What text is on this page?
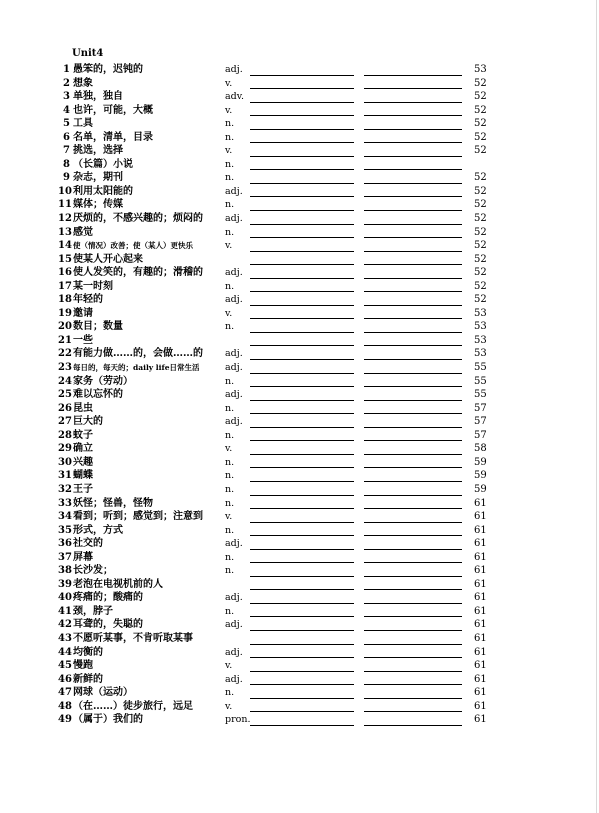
Unit4
1 愚笨的，迟钝的	adj.	53
2 想象	v.	52
3 单独，独自	adv.	52
4 也许，可能，大概	v.	52
5 工具	n.	52
6 名单，清单，目录	n.	52
7 挑选，选择	v.	52
8 （长篇）小说	n.
9 杂志，期刊	n.	52
10 利用太阳能的	adj.	52
11 媒体；传媒	n.	52
12 厌烦的，不感兴趣的；烦闷的 adj.	52
13 感觉	n.	52
14 使（情况）改善；使（某人）更快乐	v.	52
15 使某人开心起来	52
16 使人发笑的，有趣的；滑稽的 adj.	52
17 某一时刻	n.	52
18 年轻的	adj.	52
19 邀请	v.	53
20 数目；数量	n.	53
21 一些	53
22 有能力做……的，会做……的 adj.	53
23 每日的，每天的；daily life日常生活	adj.	55
24 家务（劳动）	n.	55
25 难以忘怀的	adj.	55
26 昆虫	n.	57
27 巨大的	adj.	57
28 蚊子	n.	57
29 确立	v.	58
30 兴趣	n.	59
31 蝴蝶	n.	59
32 王子	n.	59
33 妖怪；怪兽，怪物	n.	61
34 看到；听到；感觉到；注意到 v.	61
35 形式，方式	n.	61
36 社交的	adj.	61
37 屏幕	n.	61
38 长沙发；	n.	61
39 老泡在电视机前的人	61
40 疼痛的；酸痛的	adj.	61
41 颈，脖子	n.	61
42 耳聋的，失聪的	adj.	61
43 不愿听某事，不肯听取某事	61
44 均衡的	adj.	61
45 慢跑	v.	61
46 新鲜的	adj.	61
47 网球（运动）	n.	61
48 （在……）徒步旅行，远足	v.	61
49 （属于）我们的	pron.	61
